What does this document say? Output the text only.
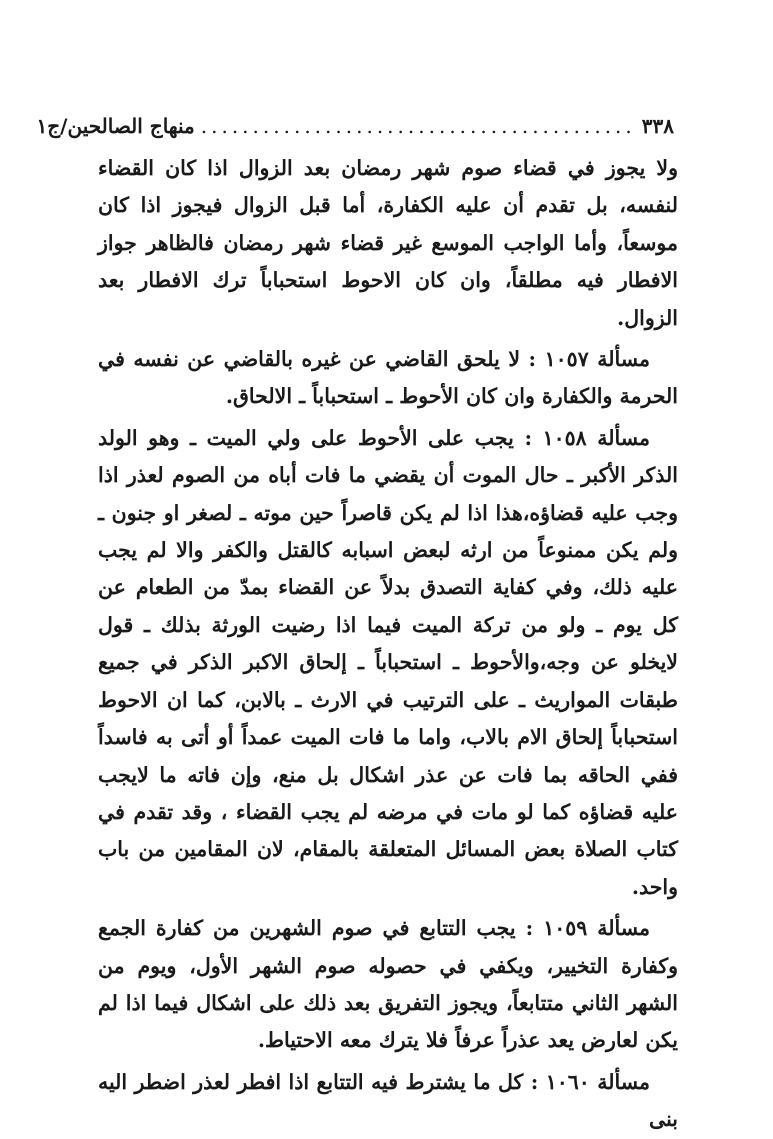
٣٣٨
..........................................
منهاج الصالحين/ج١

ولا يجوز في قضاء صوم شهر رمضان بعد الزوال اذا كان القضاء لنفسه، بل تقدم أن عليه الكفارة، أما قبل الزوال فيجوز اذا كان موسعاً، وأما الواجب الموسع غير قضاء شهر رمضان فالظاهر جواز الافطار فيه مطلقاً، وان كان الاحوط استحباباً ترك الافطار بعد الزوال.

مسألة ١٠٥٧ : لا يلحق القاضي عن غيره بالقاضي عن نفسه في الحرمة والكفارة وان كان الأحوط ـ استحباباً ـ الالحاق.

مسألة ١٠٥٨ : يجب على الأحوط على ولي الميت ـ وهو الولد الذكر الأكبر ـ حال الموت أن يقضي ما فات أباه من الصوم لعذر اذا وجب عليه قضاؤه،هذا اذا لم يكن قاصراً حين موته ـ لصغر او جنون ـ ولم يكن ممنوعاً من ارثه لبعض اسبابه كالقتل والكفر والا لم يجب عليه ذلك، وفي كفاية التصدق بدلاً عن القضاء بمدّ من الطعام عن كل يوم ـ ولو من تركة الميت فيما اذا رضيت الورثة بذلك ـ قول لايخلو عن وجه،والأحوط ـ استحباباً ـ إلحاق الاكبر الذكر في جميع طبقات المواريث ـ على الترتيب في الارث ـ بالابن، كما ان الاحوط استحباباً إلحاق الام بالاب، واما ما فات الميت عمداً أو أتى به فاسداً ففي الحاقه بما فات عن عذر اشكال بل منع، وإن فاته ما لايجب عليه قضاؤه كما لو مات في مرضه لم يجب القضاء ، وقد تقدم في كتاب الصلاة بعض المسائل المتعلقة بالمقام، لان المقامين من باب واحد.

مسألة ١٠٥٩ : يجب التتابع في صوم الشهرين من كفارة الجمع وكفارة التخيير، ويكفي في حصوله صوم الشهر الأول، ويوم من الشهر الثاني متتابعاً، ويجوز التفريق بعد ذلك على اشكال فيما اذا لم يكن لعارض يعد عذراً عرفاً فلا يترك معه الاحتياط.

مسألة ١٠٦٠ : كل ما يشترط فيه التتابع اذا افطر لعذر اضطر اليه بنى
